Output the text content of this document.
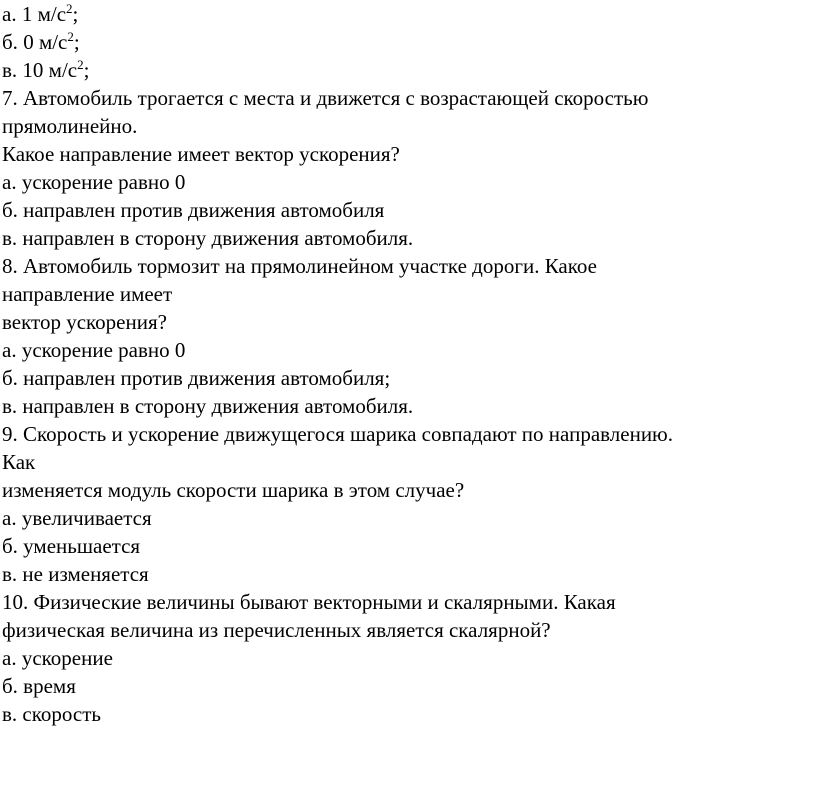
а. 1 $м/с^2$;
б. 0 $м/с^2$;
в. 10 $м/с^2$;
7. Автомобиль трогается с места и движется с возрастающей скоростью
прямолинейно.
Какое направление имеет вектор ускорения?
а. ускорение равно 0
б. направлен против движения автомобиля
в. направлен в сторону движения автомобиля.
8. Автомобиль тормозит на прямолинейном участке дороги. Какое
направление имеет
вектор ускорения?
а. ускорение равно 0
б. направлен против движения автомобиля;
в. направлен в сторону движения автомобиля.
9. Скорость и ускорение движущегося шарика совпадают по направлению.
Как
изменяется модуль скорости шарика в этом случае?
а. увеличивается
б. уменьшается
в. не изменяется
10. Физические величины бывают векторными и скалярными. Какая
физическая величина из перечисленных является скалярной?
а. ускорение
б. время
в. скорость
